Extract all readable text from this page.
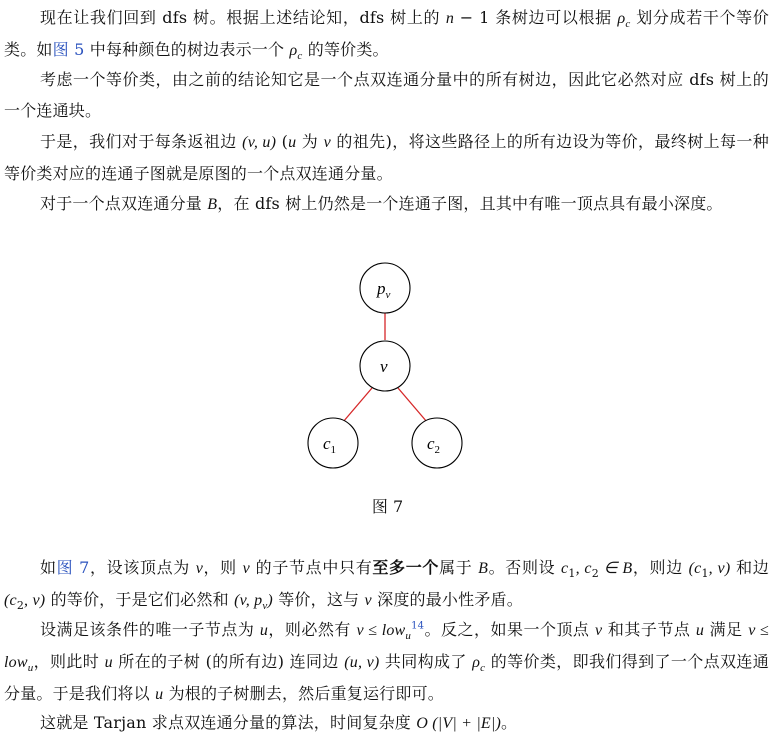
现在让我们回到 dfs 树。根据上述结论知，dfs 树上的 n − 1 条树边可以根据 $\rho_c$ 划分成若干个等价类。如图 5 中每种颜色的树边表示一个 $\rho_c$ 的等价类。
考虑一个等价类，由之前的结论知它是一个点双连通分量中的所有树边，因此它必然对应 dfs 树上的一个连通块。
于是，我们对于每条返祖边 (v, u) (u 为 v 的祖先)，将这些路径上的所有边设为等价，最终树上每一种等价类对应的连通子图就是原图的一个点双连通分量。
对于一个点双连通分量 B，在 dfs 树上仍然是一个连通子图，且其中有唯一顶点具有最小深度。
$p_v$
v
$c_1$	$c_2$
图 7
如图 7，设该顶点为 v，则 v 的子节点中只有至多一个属于 B。否则设 $c_1$, $c_2$ ∈ B，则边 ($c_1$, v) 和边 ($c_2$, v) 的等价，于是它们必然和 (v, $p_v$) 等价，这与 v 深度的最小性矛盾。
设满足该条件的唯一子节点为 u，则必然有 v ≤ low$_u^{14}$。反之，如果一个顶点 v 和其子节点 u 满足 v ≤ low$_u$，则此时 u 所在的子树 (的所有边) 连同边 (u, v) 共同构成了 $\rho_c$ 的等价类，即我们得到了一个点双连通分量。于是我们将以 u 为根的子树删去，然后重复运行即可。
这就是 Tarjan 求点双连通分量的算法，时间复杂度 O (|V| + |E|)。
